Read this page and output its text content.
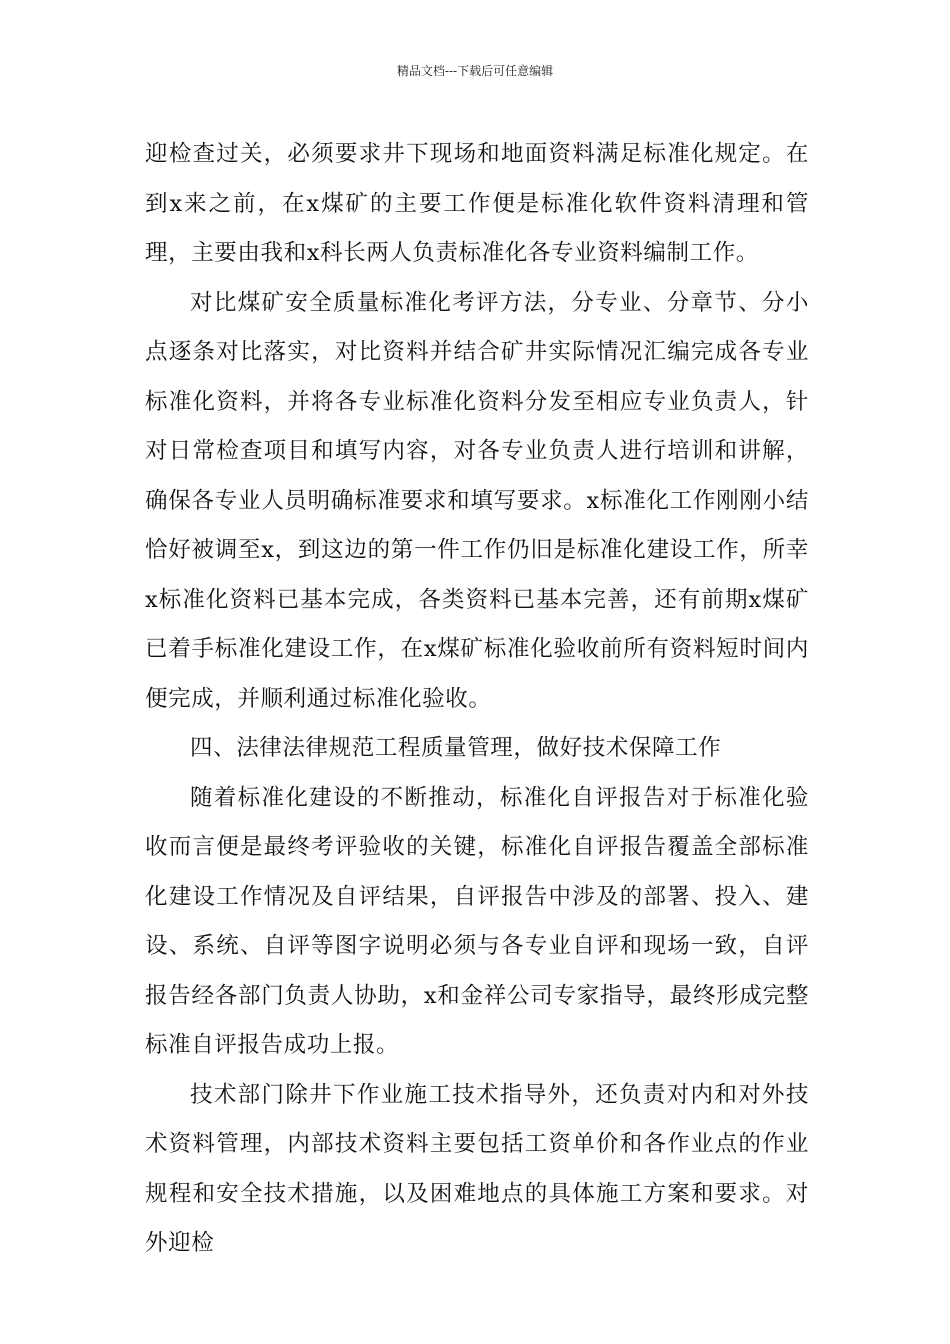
精品文档---下载后可任意编辑

迎检查过关，必须要求井下现场和地面资料满足标准化规定。在到x来之前，在x煤矿的主要工作便是标准化软件资料清理和管理，主要由我和x科长两人负责标准化各专业资料编制工作。

对比煤矿安全质量标准化考评方法，分专业、分章节、分小点逐条对比落实，对比资料并结合矿井实际情况汇编完成各专业标准化资料，并将各专业标准化资料分发至相应专业负责人，针对日常检查项目和填写内容，对各专业负责人进行培训和讲解，确保各专业人员明确标准要求和填写要求。x标准化工作刚刚小结恰好被调至x，到这边的第一件工作仍旧是标准化建设工作，所幸x标准化资料已基本完成，各类资料已基本完善，还有前期x煤矿已着手标准化建设工作，在x煤矿标准化验收前所有资料短时间内便完成，并顺利通过标准化验收。

四、法律法律规范工程质量管理，做好技术保障工作

随着标准化建设的不断推动，标准化自评报告对于标准化验收而言便是最终考评验收的关键，标准化自评报告覆盖全部标准化建设工作情况及自评结果，自评报告中涉及的部署、投入、建设、系统、自评等图字说明必须与各专业自评和现场一致，自评报告经各部门负责人协助，x和金祥公司专家指导，最终形成完整标准自评报告成功上报。

技术部门除井下作业施工技术指导外，还负责对内和对外技术资料管理，内部技术资料主要包括工资单价和各作业点的作业规程和安全技术措施，以及困难地点的具体施工方案和要求。对外迎检
